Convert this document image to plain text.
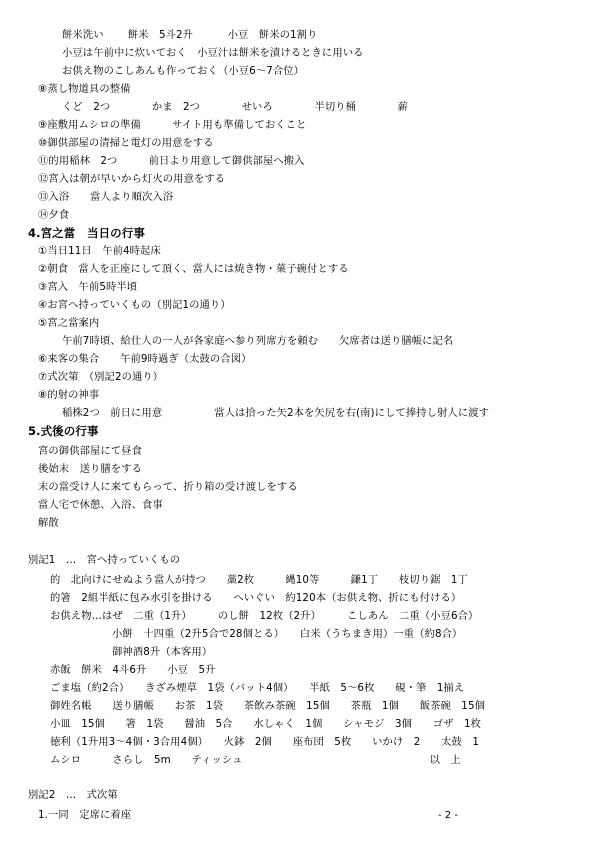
餅米洗い　　 餅米　5斗2升　　　 小豆　餅米の1割り
小豆は午前中に炊いておく　小豆汁は餅米を漬けるときに用いる
お供え物のこしあんも作っておく（小豆6〜7合位）
⑧蒸し物道具の整備
くど　2つ　　　　かま　2つ　　　　せいろ　　　　半切り桶　　　　薪
⑨座敷用ムシロの準備　　　サイト用も準備しておくこと
⑩御供部屋の清掃と電灯の用意をする
⑪的用稲林　2つ　　　前日より用意して御供部屋へ搬入
⑫宮入は朝が早いから灯火の用意をする
⑬入浴　　當人より順次入浴
⑭夕食
4.宮之當　当日の行事
①当日11日　午前4時起床
②朝食　當人を正座にして頂く、當人には焼き物・菓子碗付とする
③宮入　午前5時半頃
④お宮へ持っていくもの（別記1の通り）
⑤宮之當案内
午前7時頃、給仕人の一人が各家庭へ参り列席方を頼む　　欠席者は送り膳帳に記名
⑥来客の集合　　午前9時過ぎ（太鼓の合図）
⑦式次第　（別記2の通り）
⑧的射の神事
稲株2つ　前日に用意　　　　　當人は拾った矢2本を矢尻を右(南)にして捧持し射人に渡す
5.式後の行事
宮の御供部屋にて昼食
後始末　送り膳をする
末の當受け人に来てもらって、折り箱の受け渡しをする
當人宅で休憩、入浴、食事
解散
別記1　…　宮へ持っていくもの
的　北向けにせぬよう當人が持つ　　藁2枚　　　縄10等　　　鎌1丁　　枝切り鋸　1丁
的箸　2組半紙に包み水引を掛ける　　へいぐい　約120本（お供え物、折にも付ける）
お供え物…はぜ　二重（1升）　　　のし餅　12枚（2升）　　　こしあん　二重（小豆6合）
小餅　十四重（2升5合で28個とる）　　白米（うちまき用）一重（約8合）
御神酒8升（本客用）
赤飯　餅米　4斗6升　　小豆　5升
ごま塩（約2合）　　きざみ煙草　1袋（バット4個）　　半紙　5〜6枚　　硯・筆　1揃え
御姓名帳　　送り膳帳　　お茶　1袋　　茶飲み茶碗　15個　　茶瓶　1個　　飯茶碗　15個
小皿　15個　　箸　1袋　　醤油　5合　　水しゃく　1個　　シャモジ　3個　　ゴザ　1枚
徳利（1升用3〜4個・3合用4個）　　火鉢　2個　　座布団　5枚　　いかけ　2　　太鼓　1
ムシロ　　　さらし　5m　　ティッシュ　　　　　　　　　　　　　　　　　　以　上
別記2　…　式次第
1.一同　定席に着座	- 2 -
